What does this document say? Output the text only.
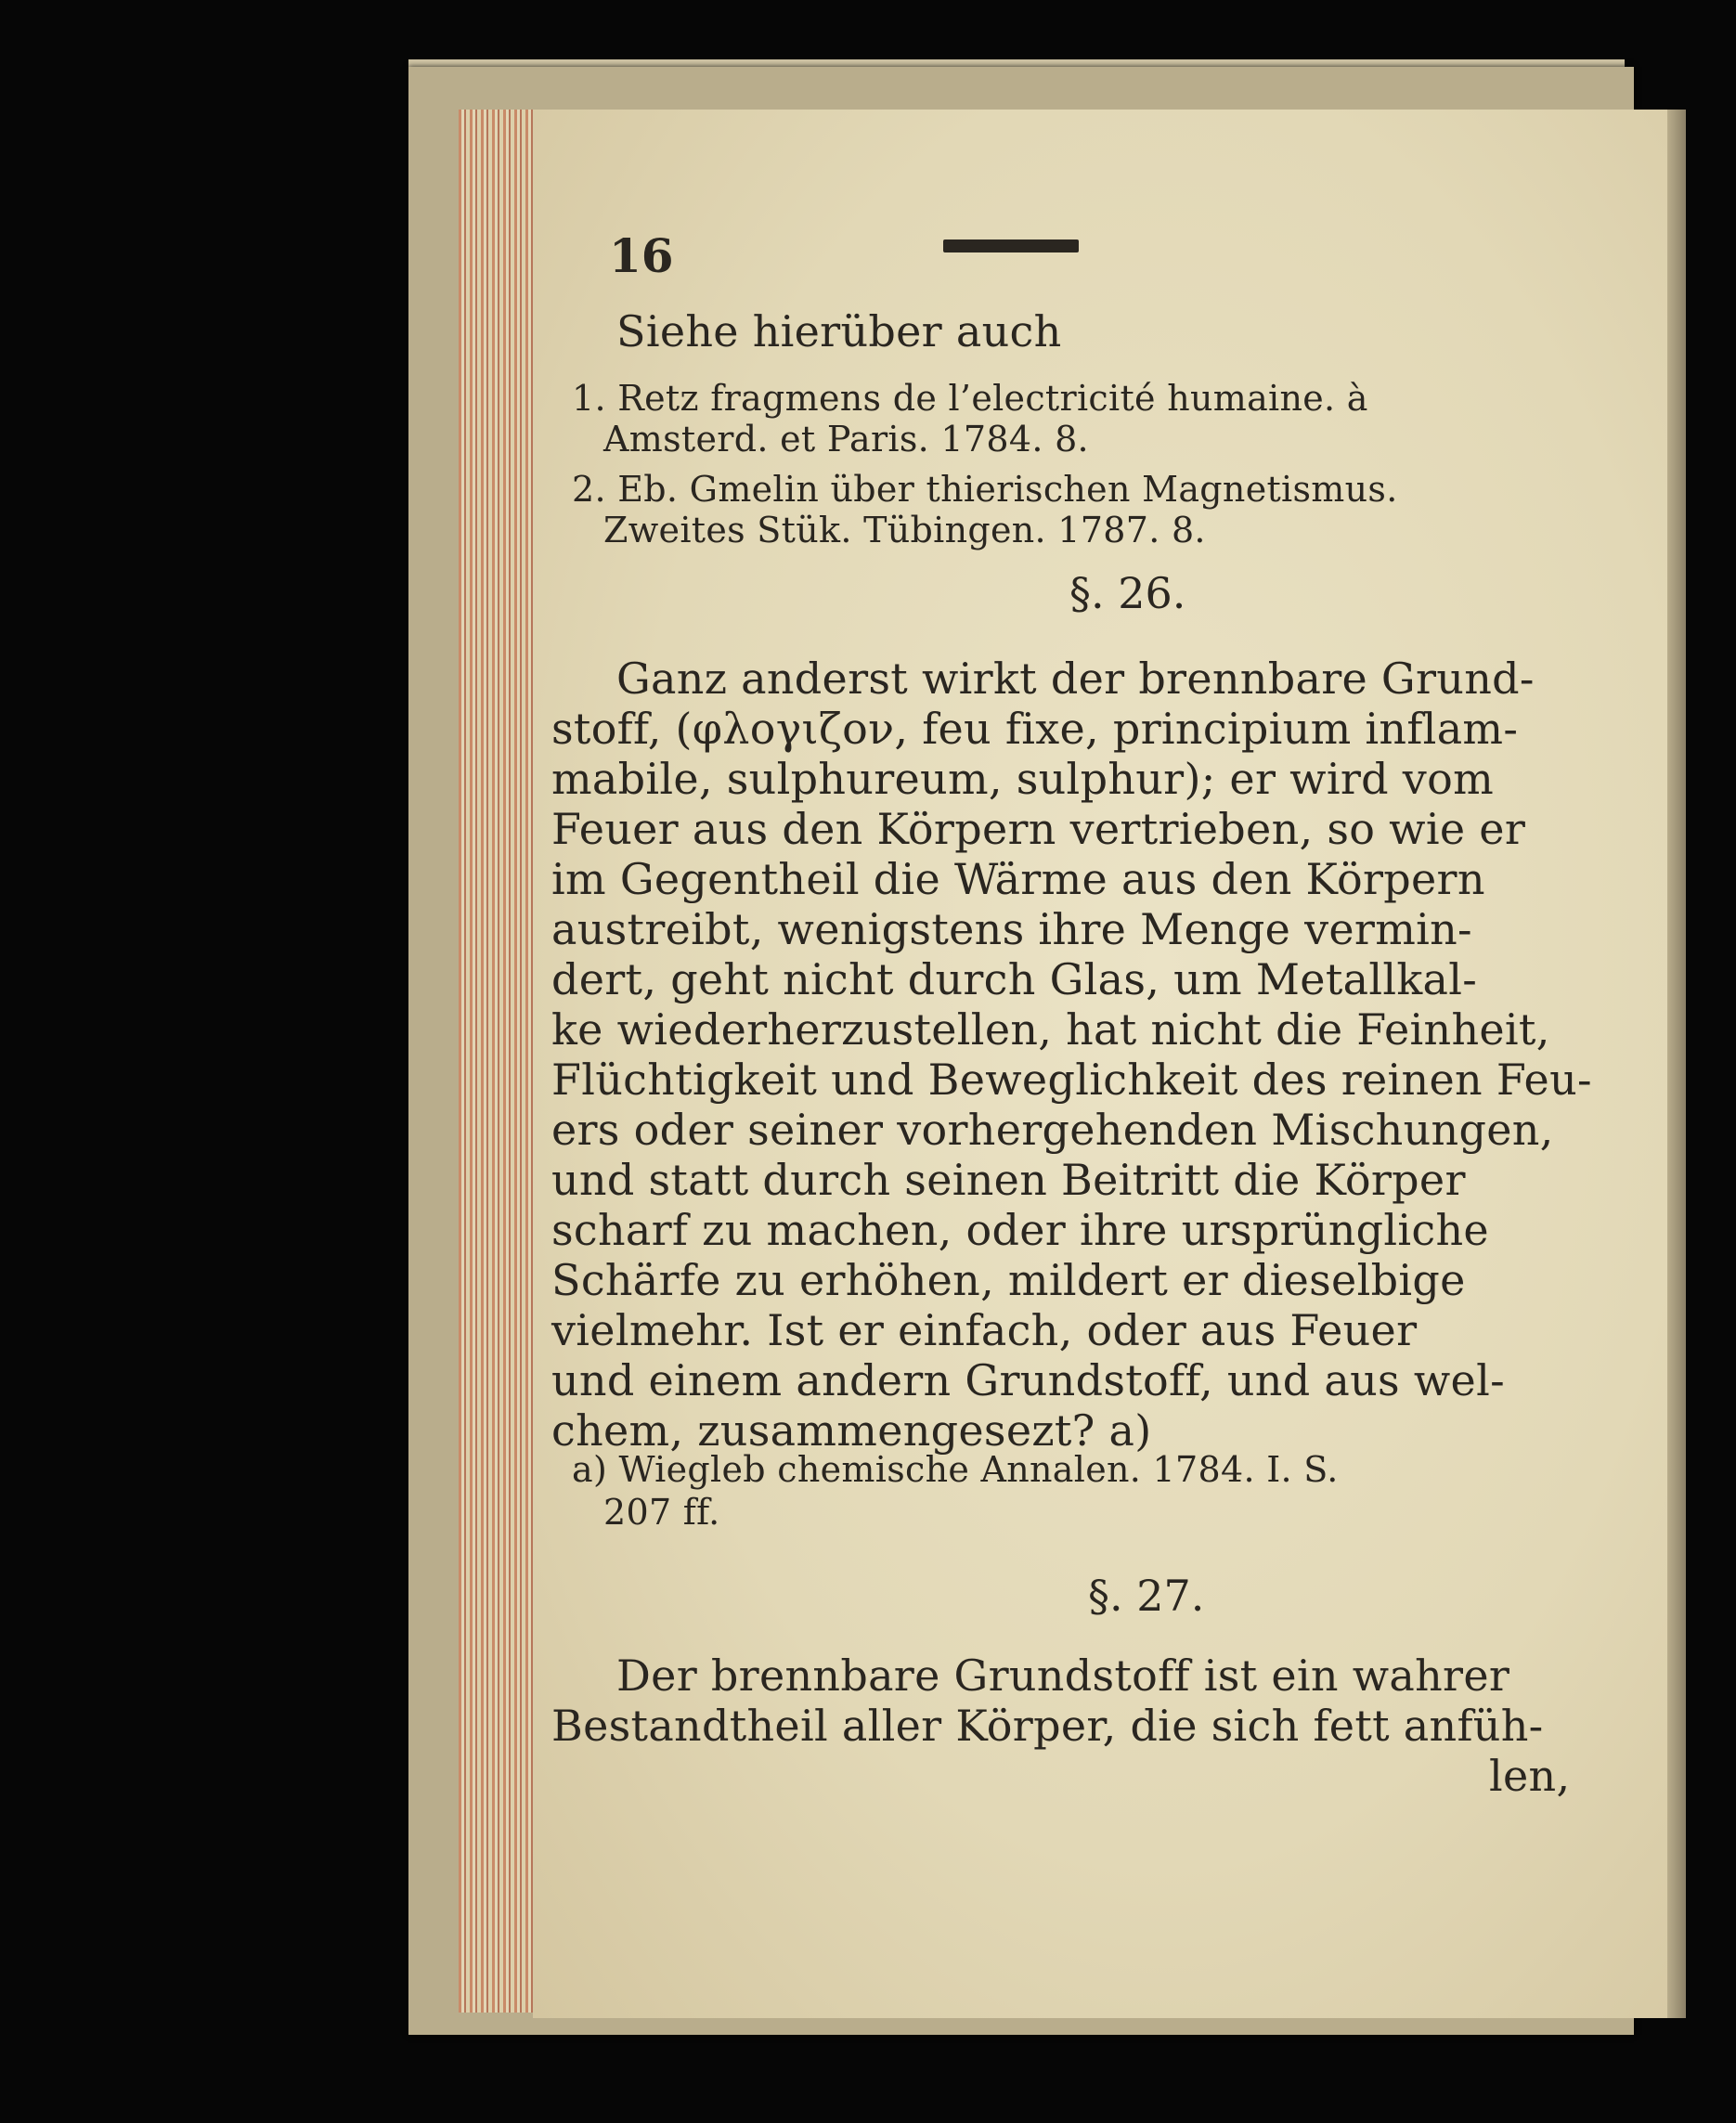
16
Siehe hierüber auch
1. Retz fragmens de l’electricité humaine. à
Amsterd. et Paris. 1784. 8.
2. Eb. Gmelin über thierischen Magnetismus.
Zweites Stük. Tübingen. 1787. 8.
§. 26.
Ganz anderst wirkt der brennbare Grund-
stoff, (φλογιζον, feu fixe, principium inflam-
mabile, sulphureum, sulphur); er wird vom
Feuer aus den Körpern vertrieben, so wie er
im Gegentheil die Wärme aus den Körpern
austreibt, wenigstens ihre Menge vermin-
dert, geht nicht durch Glas, um Metallkal-
ke wiederherzustellen, hat nicht die Feinheit,
Flüchtigkeit und Beweglichkeit des reinen Feu-
ers oder seiner vorhergehenden Mischungen,
und statt durch seinen Beitritt die Körper
scharf zu machen, oder ihre ursprüngliche
Schärfe zu erhöhen, mildert er dieselbige
vielmehr. Ist er einfach, oder aus Feuer
und einem andern Grundstoff, und aus wel-
chem, zusammengesezt? a)
a) Wiegleb chemische Annalen. 1784. I. S.
207 ff.
§. 27.
Der brennbare Grundstoff ist ein wahrer
Bestandtheil aller Körper, die sich fett anfüh-
len,
